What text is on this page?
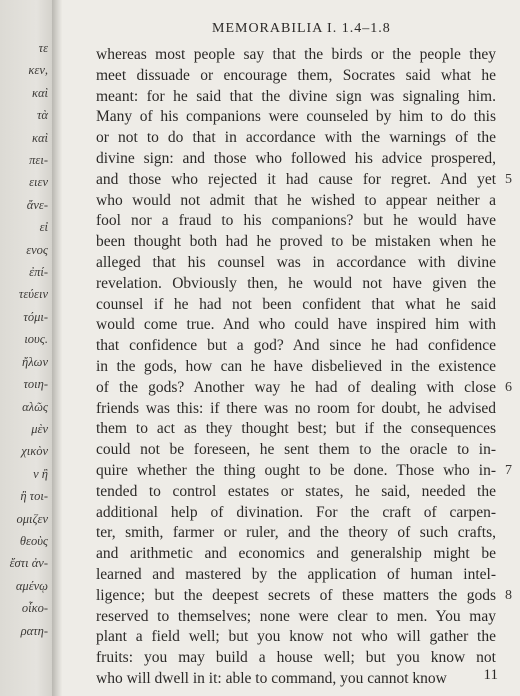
τε
κεν,
καὶ
τὰ
καὶ
πει-
ειεν
ἄνε-
εἰ
ενος
ἐπί-
τεύειν
τόμι-
ιους.
ἤλων
τοιη-
αλῶς
μὲν
χικὸν
ν ἢ
ἢ τοι-
ομιζεν
θεοὺς
ἔστι ἀν-
αμένῳ
οἶκο-
ρατη-
MEMORABILIA I. 1.4–1.8
whereas most people say that the birds or the people they
meet dissuade or encourage them, Socrates said what he
meant: for he said that the divine sign was signaling him.
Many of his companions were counseled by him to do this
or not to do that in accordance with the warnings of the
divine sign: and those who followed his advice prospered,
and those who rejected it had cause for regret. And yet
who would not admit that he wished to appear neither a
fool nor a fraud to his companions? but he would have
been thought both had he proved to be mistaken when he
alleged that his counsel was in accordance with divine
revelation. Obviously then, he would not have given the
counsel if he had not been confident that what he said
would come true. And who could have inspired him with
that confidence but a god? And since he had confidence
in the gods, how can he have disbelieved in the existence
of the gods? Another way he had of dealing with close
friends was this: if there was no room for doubt, he advised
them to act as they thought best; but if the consequences
could not be foreseen, he sent them to the oracle to in-
quire whether the thing ought to be done. Those who in-
tended to control estates or states, he said, needed the
additional help of divination. For the craft of carpen-
ter, smith, farmer or ruler, and the theory of such crafts,
and arithmetic and economics and generalship might be
learned and mastered by the application of human intel-
ligence; but the deepest secrets of these matters the gods
reserved to themselves; none were clear to men. You may
plant a field well; but you know not who will gather the
fruits: you may build a house well; but you know not
who will dwell in it: able to command, you cannot know
5
6
7
8
11
